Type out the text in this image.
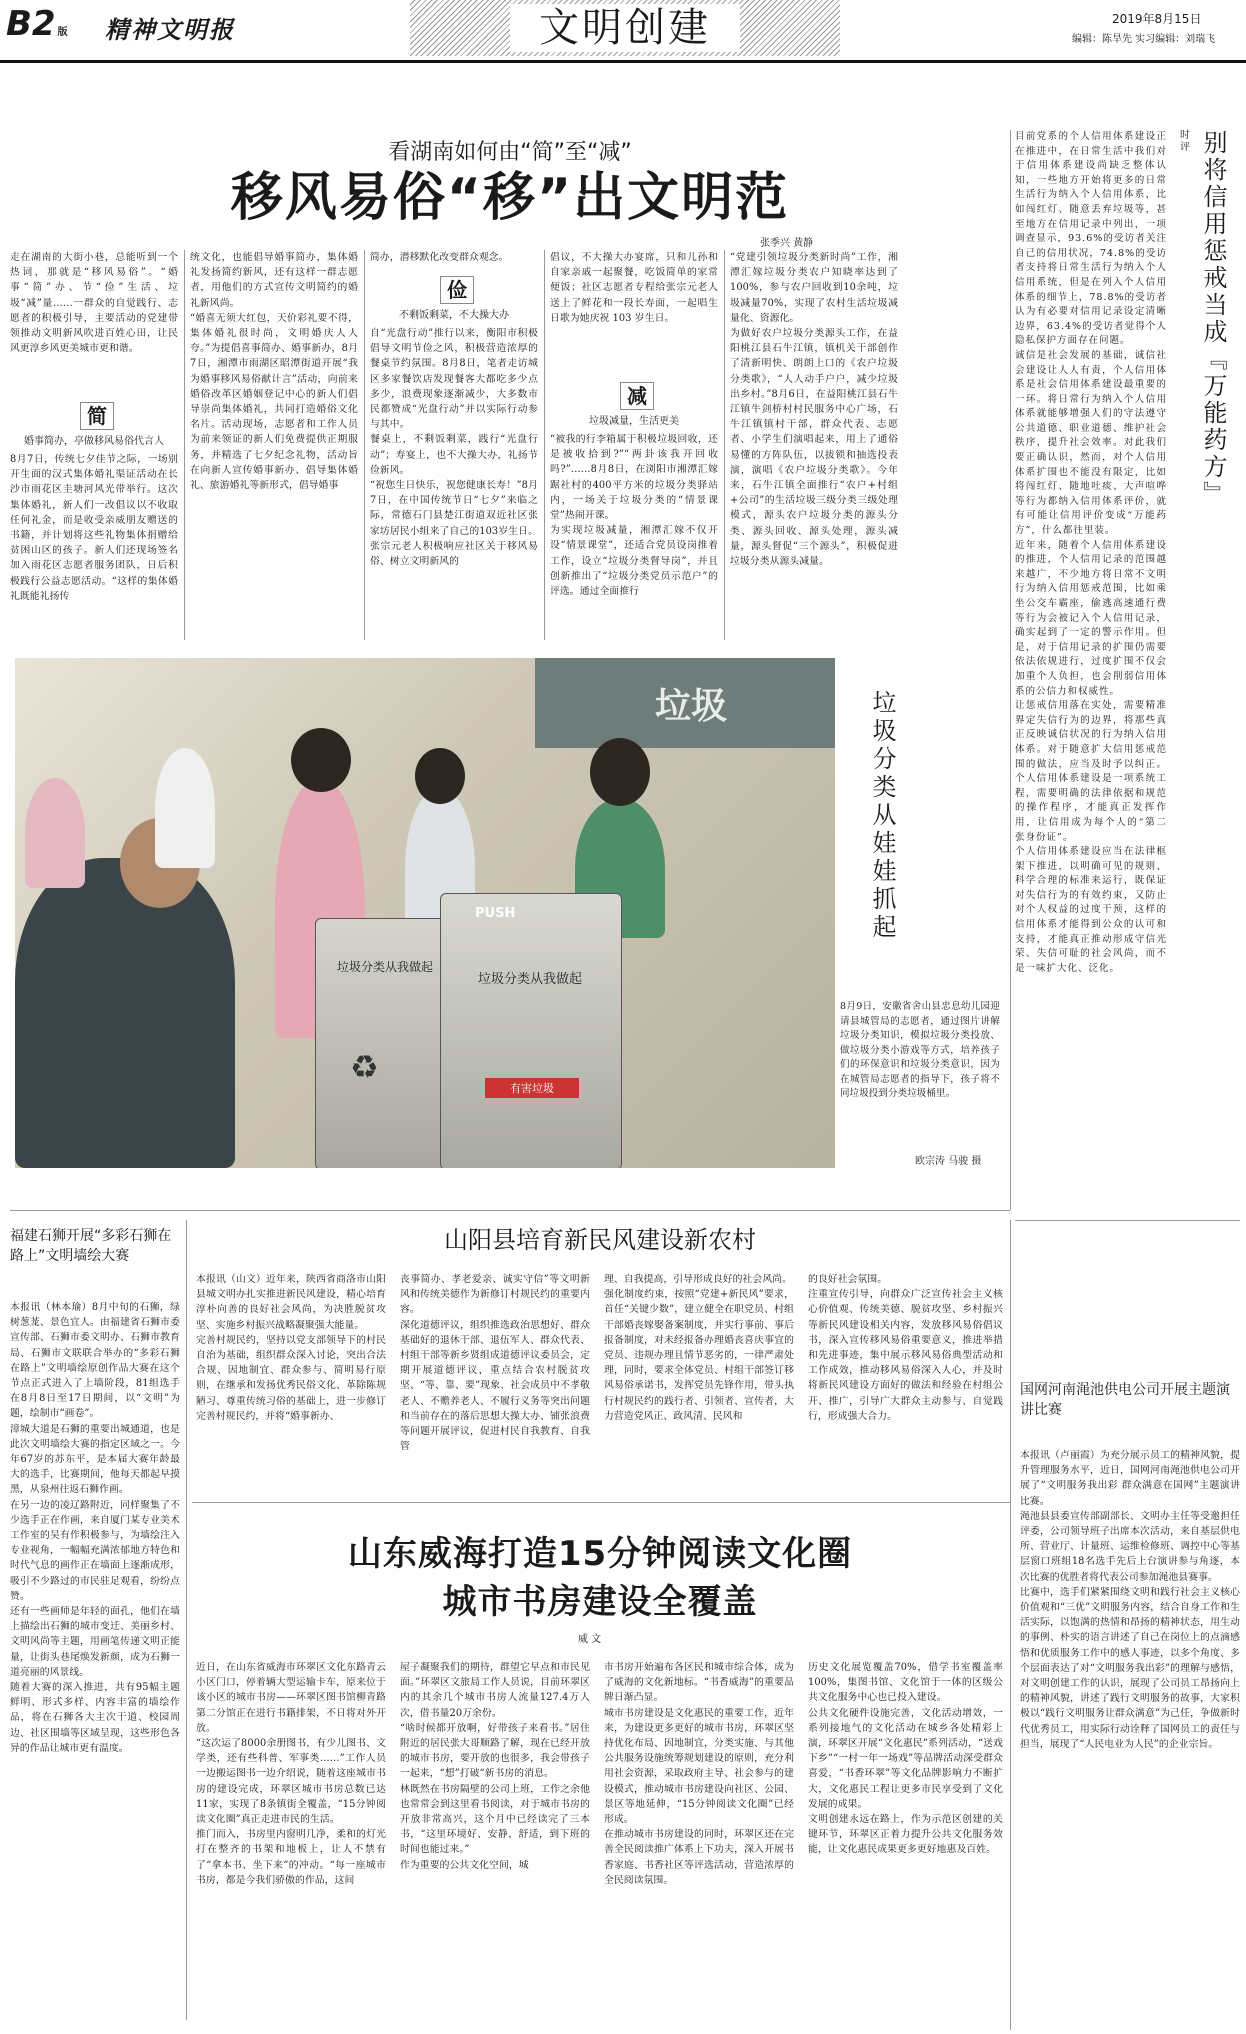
B2 版 精神文明报	文明创建	2019年8月15日
编辑：陈旱先 实习编辑：刘瑞飞
看湖南如何由“简”至“减”
移风易俗“移”出文明范
张季兴 黄静
走在湖南的大街小巷，总能听到一个热词，那就是“移风易俗”。“婚事“简”办、节“俭”生活、垃圾“减”量……一群众的自觉践行、志愿者的积极引导，主要活动的党建带领推动文明新风吹进百姓心田，让民风更淳乡风更美城市更和谐。
简
婚事简办，亭做移风易俗代言人
8月7日，传统七夕佳节之际，一场别开生面的汉式集体婚礼渠证活动在长沙市雨花区圭塘河风光带举行。这次集体婚礼，新人们一改倡议以不收取任何礼金，而是收受亲威朋友赠送的书籍，并计划将这些礼物集体捐赠给贫困山区的孩子。新人们还现场签名加入雨花区志愿者服务团队，日后积极践行公益志愿活动。“这样的集体婚礼既能礼扬传
统文化，也能倡导婚事简办，集体婚礼发扬简约新风，还有这样一群志愿者，用他们的方式宣传文明简约的婚礼新风尚。
“婚喜无须大红包，天价彩礼要不得，集体婚礼很时尚，文明婚庆人人夸。”为提倡喜事简办、婚事新办，8月7日，湘潭市雨湖区昭潭街道开展“我为婚事移风易俗献计言”活动，向前来婚俗改革区婚姻登记中心的新人们倡导崇尚集体婚礼，共同打造婚俗文化名片。活动现场，志愿者和工作人员为前来领证的新人们免费提供正期服务，并精选了七夕纪念礼物，活动旨在向新人宣传婚事新办、倡导集体婚礼、旅游婚礼等新形式，倡导婚事
简办，潜移默化改变群众观念。
俭
不剩饭剩菜，不大操大办
自“光盘行动”推行以来，衡阳市积极倡导文明节俭之风，积极营造浓厚的餐桌节约氛围。8月8日，笔者走访城区多家餐饮店发现餐客大都吃多少点多少，浪费现象逐渐减少，大多数市民都赞成“光盘行动”并以实际行动参与其中。
餐桌上，不剩饭剩菜，践行“光盘行动”；寿宴上，也不大操大办，礼扬节俭新风。
“祝您生日快乐，祝您健康长寿！”8月7日，在中国传统节日“七夕”来临之际，常德石门县楚江街道双近社区张家坊居民小组来了自己的103岁生日。张宗元老人积极响应社区关于移风易俗、树立文明新风的
倡议，不大操大办宴席，只和儿孙和自家亲戚一起聚餐，吃饭简单的家常便饭；社区志愿者专程给张宗元老人送上了鲜花和一段长寿面，一起唱生日歌为她庆祝 103 岁生日。
减
垃圾减量，生活更美
“被我的行李箱属于积极垃圾回收，还是被收拾到?”“两卦该我开回收吗?”……8月8日，在浏阳市湘潭汇嫁踞社村的400平方米的垃圾分类驿站内，一场关于垃圾分类的“情景课堂”热闹开课。
为实现垃圾减量，湘潭汇嫁不仅开设“情景课堂”，还适合党员设岗推着工作，设立“垃圾分类督导岗”，并且创新推出了“垃圾分类党员示范户”的评选。通过全面推行
“党建引领垃圾分类新时尚”工作，湘潭汇嫁垃圾分类农户知晓率达到了100%，参与农户回收到10余吨，垃圾减量70%，实现了农村生活垃圾减量化、资源化。
为做好农户垃圾分类源头工作，在益阳桃江县石牛江镇，镇机关干部创作了清新明快、朗朗上口的《农户垃圾分类歌》，“人人动手户户，减少垃圾出乡村。”8月6日，在益阳桃江县石牛江镇牛剑桥村村民服务中心广场，石牛江镇镇村干部，群众代表、志愿者、小学生们演唱起来，用上了通俗易懂的方阵队伍，以拔锁和抽选投表演，演唱《农户垃圾分类歌》。今年来，石牛江镇全面推行“农户+村组+公司”的生活垃圾三级分类三级处理模式，源头农户垃圾分类的源头分类、源头回收、源头处理，源头减量，源头督促“三个源头”，积极促进垃圾分类从源头减量。
垃圾
垃圾分类从我做起
PUSH
垃圾分类从我做起
有害垃圾
♻
垃圾分类从娃娃抓起
8月9日，安徽省舍山县忠息幼儿园迎请县城管局的志愿者，通过图片讲解垃圾分类知识，模拟垃圾分类投放、做垃圾分类小游戏等方式，培养孩子们的环保意识和垃圾分类意识，因为在城管局志愿者的指导下，孩子将不同垃圾投到分类垃圾桶里。
欧宗涛 马骏 摄
目前党系的个人信用体系建设正在推进中，在日常生活中我们对于信用体系建设尚缺乏整体认知，一些地方开始将更多的日常生活行为纳入个人信用体系，比如闯红灯、随意丢弃垃圾等，甚至地方在信用记录中列出，一项调查显示，93.6%的受访者关注自己的信用状况，74.8%的受访者支持将日常生活行为纳入个人信用系统，但是在列入个人信用体系的细节上，78.8%的受访者认为有必要对信用记录设定清晰边界，63.4%的受访者觉得个人隐私保护方面存在问题。
诚信是社会发展的基础，诚信社会建设让人人有责，个人信用体系是社会信用体系建设最重要的一环。将日常行为纳入个人信用体系就能够增强人们的守法遵守公共道德、职业道德、维护社会秩序，提升社会效率。对此我们要正确认识，然而，对个人信用体系扩围也不能没有限定，比如将闯红灯、随地吐痰、大声喧哗等行为都纳入信用体系评价，就有可能让信用评价变成“万能药方”，什么都往里装。
近年来，随着个人信用体系建设的推进，个人信用记录的范围越来越广，不少地方将日常不文明行为纳入信用惩戒范围，比如乘坐公交车霸座，偷逃高速通行费等行为会被记入个人信用记录，确实起到了一定的警示作用。但是，对于信用记录的扩围仍需要依法依规进行，过度扩围不仅会加重个人负担，也会削弱信用体系的公信力和权威性。
让惩戒信用落在实处，需要精准界定失信行为的边界，将那些真正反映诚信状况的行为纳入信用体系。对于随意扩大信用惩戒范围的做法，应当及时予以纠正。个人信用体系建设是一项系统工程，需要明确的法律依据和规范的操作程序，才能真正发挥作用，让信用成为每个人的“第二张身份证”。
个人信用体系建设应当在法律框架下推进，以明确可见的规则、科学合理的标准来运行，既保证对失信行为的有效约束，又防止对个人权益的过度干预，这样的信用体系才能得到公众的认可和支持，才能真正推动形成守信光荣、失信可耻的社会风尚，而不是一味扩大化、泛化。
时评 别将信用惩戒当成『万能药方』
福建石狮开展“多彩石狮在路上”文明墙绘大赛
本报讯（林本瑜）8月中旬的石狮，绿树葱茏、景色宜人。由福建省石狮市委宣传部、石狮市委文明办、石狮市教育局、石狮市文联联合举办的“多彩石狮在路上”文明墙绘原创作品大赛在这个节点正式进入了上墙阶段，81组选手在8月8日至17日期间，以“文明”为题，绘制市“画卷”。
漳城大道是石狮的重要出城通道，也是此次文明墙绘大赛的指定区域之一。今年67岁的苏东平，是本届大赛年龄最大的选手，比赛期间，他每天都起早摸黑，从泉州往返石狮作画。
在另一边的凌辽路附近，同样聚集了不少选手正在作画，来自厦门某专业美术工作室的吴有作积极参与，为墙绘注入专业视角，一幅幅充满浓郁地方特色和时代气息的画作正在墙面上逐渐成形，吸引不少路过的市民驻足观看，纷纷点赞。
还有一些画师是年轻的面孔，他们在墙上描绘出石狮的城市变迁、美丽乡村、文明风尚等主题，用画笔传递文明正能量，让街头巷尾焕发新颜，成为石狮一道亮丽的风景线。
随着大赛的深入推进，共有95幅主题鲜明、形式多样、内容丰富的墙绘作品，将在石狮各大主次干道、校园周边、社区围墙等区域呈现，这些形色各异的作品让城市更有温度。
山阳县培育新民风建设新农村
本报讯（山文）近年来，陕西省商洛市山阳县城文明办扎实推进新民风建设，精心培育淳朴向善的良好社会风尚，为决胜脱贫攻坚、实施乡村振兴战略凝聚强大能量。
完善村规民约，坚持以党支部领导下的村民自治为基础，组织群众深入讨论，突出合法合规、因地制宜、群众参与、简明易行原则，在继承和发扬优秀民俗文化、革除陈规陋习、尊重传统习俗的基础上，进一步修订完善村规民约，并将“婚事新办、
丧事简办、孝老爱亲、诚实守信”等文明新风和传统美德作为新修订村规民约的重要内容。
深化道德评议，组织推选政治思想好、群众基础好的退休干部、退伍军人、群众代表、村组干部等新乡贤组成道德评议委员会，定期开展道德评议，重点结合农村脱贫攻坚、“等、靠、要”现象、社会成员中不孝敬老人、不赡养老人、不履行义务等突出问题和当前存在的落后思想大操大办、铺张浪费等问题开展评议，促进村民自我教育、自我管
理、自我提高，引导形成良好的社会风尚。
强化制度约束，按照“党建+新民风”要求，首任“关键少数”，建立健全在职党员、村组干部婚丧嫁娶备案制度，并实行事前、事后报备制度，对未经报备办理婚丧喜庆事宜的党员、违规办理且情节恶劣的，一律严肃处理，同时，要求全体党员、村组干部签订移风易俗承诺书，发挥党员先锋作用，带头执行村规民约的践行者、引领者、宣传者，大力营造党风正、政风清、民风和
的良好社会氛围。
注重宣传引导，向群众广泛宣传社会主义核心价值观、传统美德、脱贫攻坚、乡村振兴等新民风建设相关内容，发放移风易俗倡议书，深入宣传移风易俗重要意义，推进举措和先进事迹，集中展示移风易俗典型活动和工作成效，推动移风易俗深入人心，并及时将新民风建设方面好的做法和经验在村组公开、推广，引导广大群众主动参与、自觉践行，形成强大合力。
山东威海打造15分钟阅读文化圈
城市书房建设全覆盖
威 文
近日，在山东省威海市环翠区文化东路青云小区门口，停着辆大型运输卡车，原来位于该小区的城市书房——环翠区图书馆柳青路第二分馆正在进行书籍排架，不日将对外开放。
“这次运了8000余册图书，有少儿图书、文学类，还有些科普、军事类……”工作人员一边搬运图书一边介绍说，随着这座城市书房的建设完成，环翠区城市书房总数已达11家，实现了8条镇街全覆盖，“15分钟阅读文化圈”真正走进市民的生活。
推门而入，书房里内窗明几净，柔和的灯光打在整齐的书架和地板上，让人不禁有了“拿本书、坐下来”的冲动。“每一座城市书房，都是今我们骄傲的作品，这间
屋子凝聚我们的期待，群望它早点和市民见面。”环翠区文旅局工作人员说，目前环翠区内的其余几个城市书房人流量127.4万人次，借书量20万余份。
“啥时候都开放啊，好带孩子来看书。”居住附近的居民张大哥顺路了解，现在已经开放的城市书房，要开放的也很多，我会带孩子一起来，“想”打破“新书房的消息。
林既然在书房隔壁的公司上班，工作之余他也常常会到这里看书阅读，对于城市书房的开放非常高兴，这个月中已经读完了三本书，“这里环境好、安静，舒适，到下班的时间也能过来。”
作为重要的公共文化空间，城
市书房开始遍布各区民和城市综合体，成为了威海的文化新地标。“书香威海”的重要品牌日渐凸显。
城市书房建设是文化惠民的重要工作，近年来，为建设更多更好的城市书房，环翠区坚持优化布局、因地制宜，分类实施、与其他公共服务设施统筹规划建设的原则，充分利用社会资源，采取政府主导、社会参与的建设模式，推动城市书房建设向社区、公园、景区等地延伸，“15分钟阅读文化圈”已经形成。
在推动城市书房建设的同时，环翠区还在完善全民阅读推广体系上下功夫，深入开展书香家庭、书香社区等评选活动，营造浓厚的全民阅读氛围。
历史文化展览覆盖70%，借学书室覆盖率100%，集图书馆、文化馆于一体的区级公共文化服务中心也已投入建设。
公共文化硬件设施完善，文化活动增效，一系列接地气的文化活动在城乡各处精彩上演，环翠区开展“文化惠民”系列活动，“送戏下乡”“一村一年一场戏”等品牌活动深受群众喜爱，“书香环翠”等文化品牌影响力不断扩大，文化惠民工程让更多市民享受到了文化发展的成果。
文明创建永远在路上，作为示范区创建的关键环节，环翠区正着力提升公共文化服务效能，让文化惠民成果更多更好地惠及百姓。
国网河南渑池供电公司开展主题演讲比赛
本报讯（卢丽霞）为充分展示员工的精神风貌，提升管理服务水平，近日，国网河南渑池供电公司开展了“文明服务我出彩 群众满意在国网”主题演讲比赛。
渑池县县委宣传部副部长、文明办主任等受邀担任评委，公司领导班子出席本次活动，来自基层供电所、营业厅、计量班、运维检修班、调控中心等基层窗口班组18名选手先后上台演讲参与角逐，本次比赛的优胜者将代表公司参加渑池县赛事。
比赛中，选手们紧紧围绕文明和践行社会主义核心价值观和“三优”文明服务内容，结合自身工作和生活实际，以饱满的热情和昂扬的精神状态，用生动的事例、朴实的语言讲述了自己在岗位上的点滴感悟和优质服务工作中的感人事迹，以多个角度、多个层面表达了对“文明服务我出彩”的理解与感悟，对文明创建工作的认识，展现了公司员工昂扬向上的精神风貌，讲述了践行文明服务的故事，大家积极以“践行文明服务让群众满意”为己任，争做新时代优秀员工，用实际行动诠释了国网员工的责任与担当，展现了“人民电业为人民”的企业宗旨。
